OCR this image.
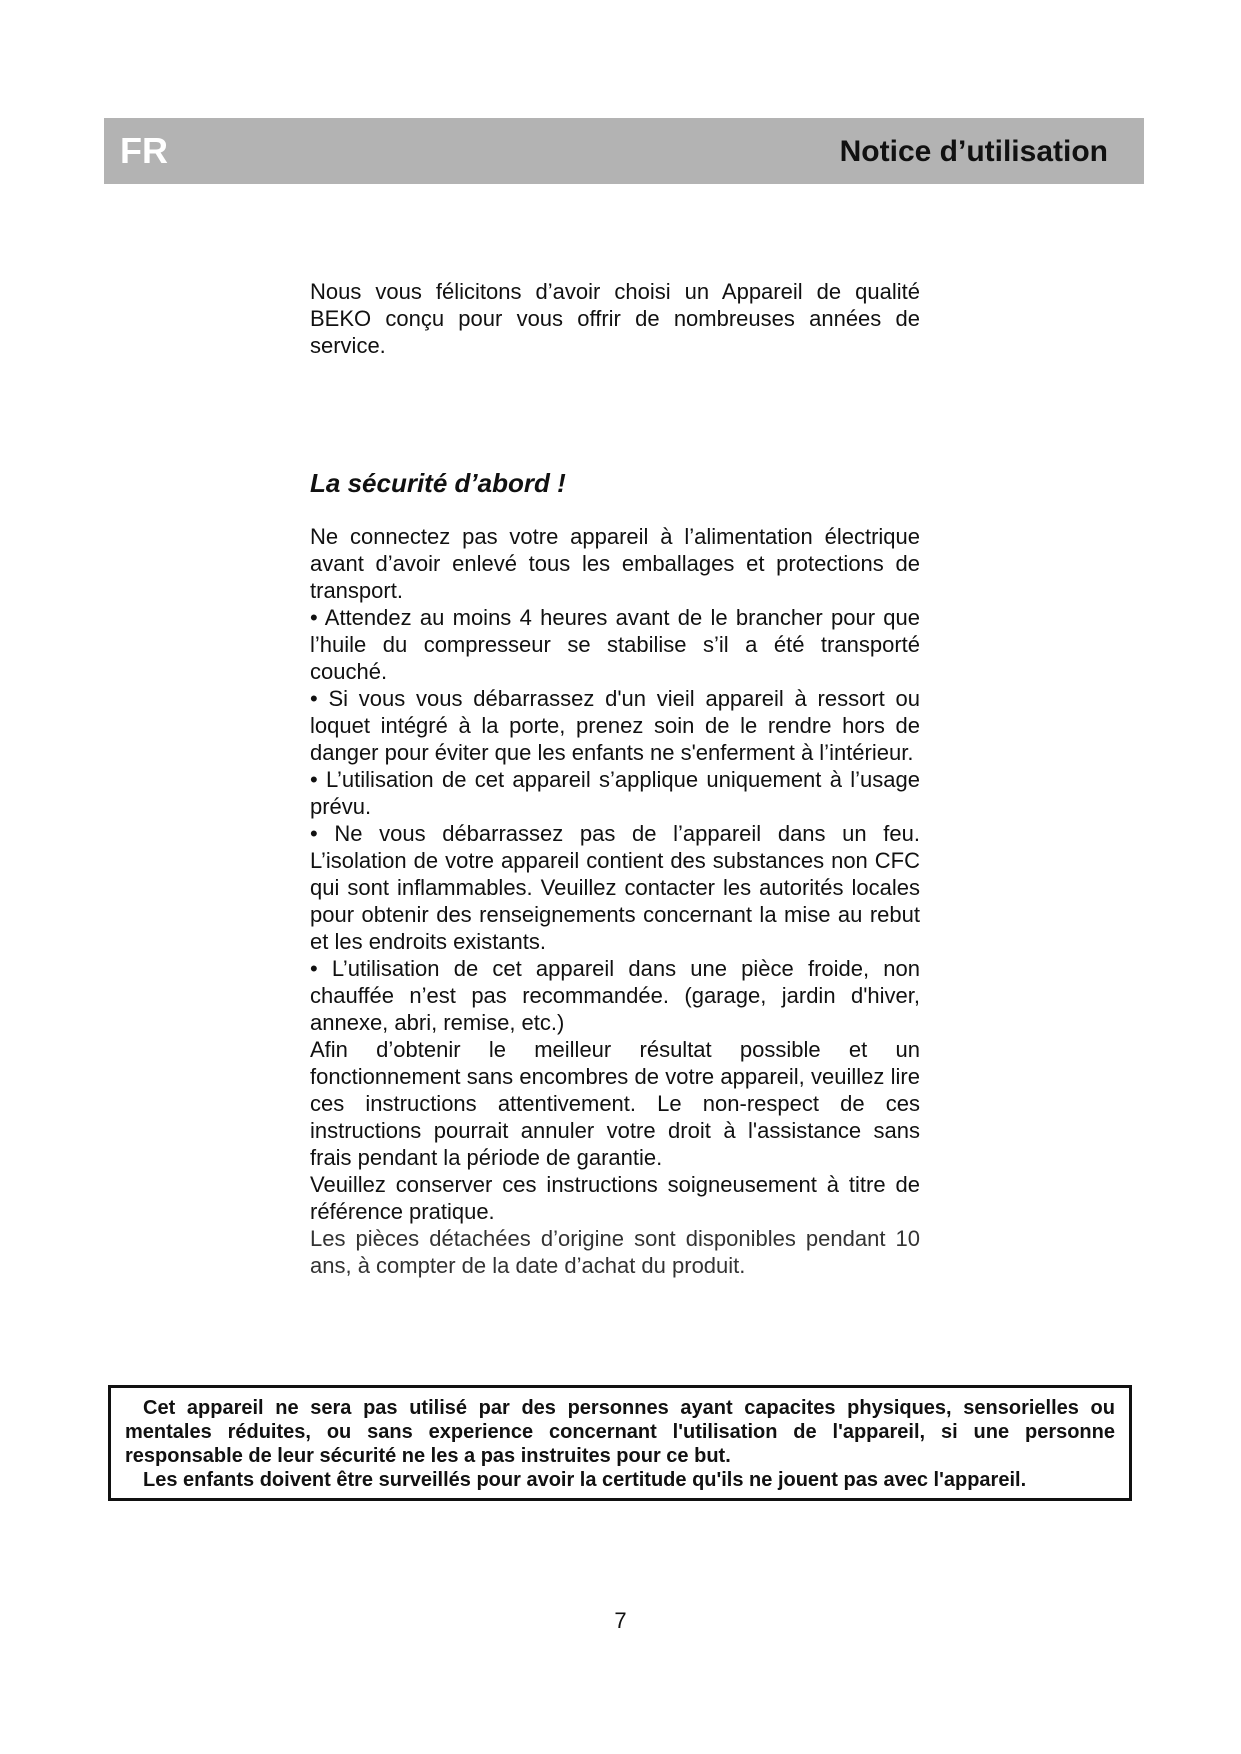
FR	Notice d’utilisation

Nous vous félicitons d’avoir choisi un Appareil de qualité BEKO conçu pour vous offrir de nombreuses années de service.

La sécurité d’abord !

Ne connectez pas votre appareil à l’alimentation électrique avant d’avoir enlevé tous les emballages et protections de transport.

• Attendez au moins 4 heures avant de le brancher pour que l’huile du compresseur se stabilise s’il a été transporté couché.

• Si vous vous débarrassez d'un vieil appareil à ressort ou loquet intégré à la porte, prenez soin de le rendre hors de danger pour éviter que les enfants ne s'enferment à l’intérieur.

• L’utilisation de cet appareil s’applique uniquement à l’usage prévu.

• Ne vous débarrassez pas de l’appareil dans un feu. L’isolation de votre appareil contient des substances non CFC qui sont inflammables. Veuillez contacter les autorités locales pour obtenir des renseignements concernant la mise au rebut et les endroits existants.

• L’utilisation de cet appareil dans une pièce froide, non chauffée n’est pas recommandée. (garage, jardin d'hiver, annexe, abri, remise, etc.)

Afin d’obtenir le meilleur résultat possible et un fonctionnement sans encombres de votre appareil, veuillez lire ces instructions attentivement. Le non-respect de ces instructions pourrait annuler votre droit à l'assistance sans frais pendant la période de garantie.

Veuillez conserver ces instructions soigneusement à titre de référence pratique.

Les pièces détachées d’origine sont disponibles pendant 10 ans, à compter de la date d’achat du produit.

Cet appareil ne sera pas utilisé par des personnes ayant capacites physiques, sensorielles ou mentales réduites, ou sans experience concernant l'utilisation de l'appareil, si une personne responsable de leur sécurité ne les a pas instruites pour ce but.

Les enfants doivent être surveillés pour avoir la certitude qu'ils ne jouent pas avec l'appareil.

7
